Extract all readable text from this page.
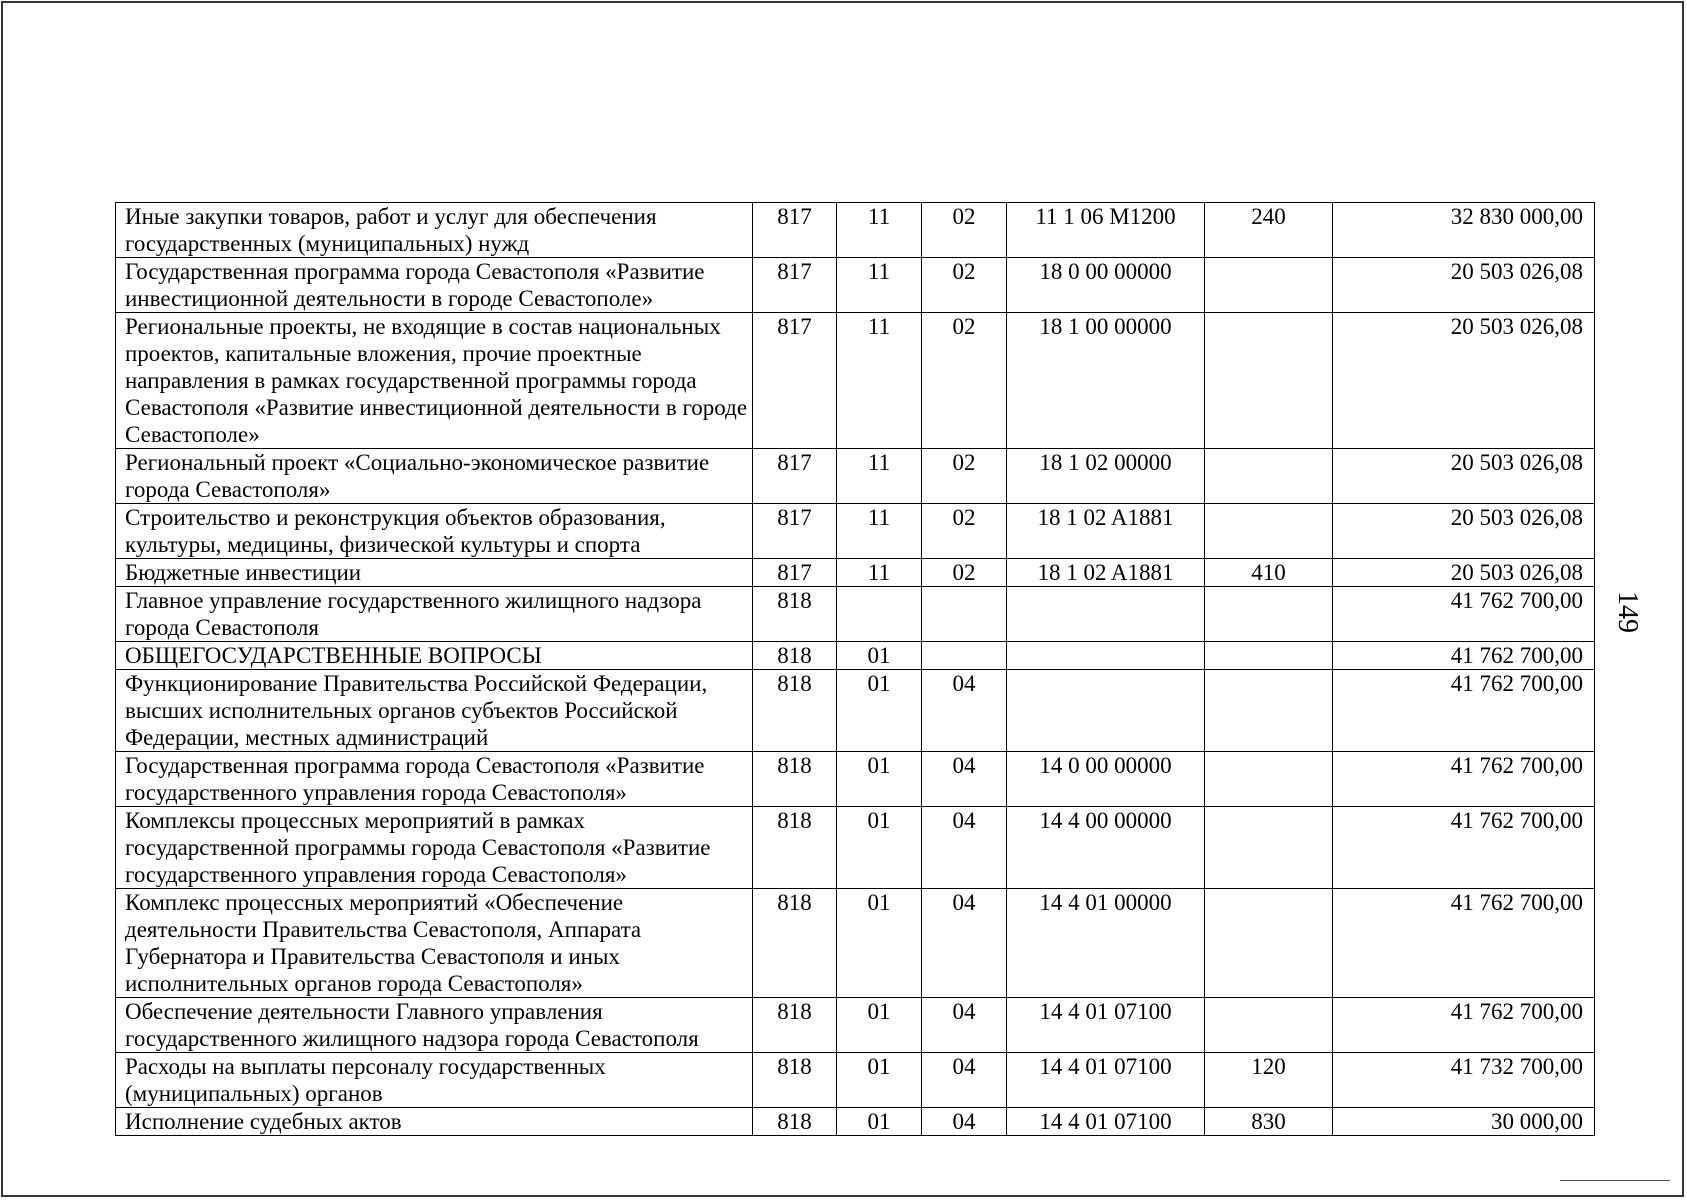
Иные закупки товаров, работ и услуг для обеспечения государственных (муниципальных) нужд	817	11	02	11 1 06 M1200	240	32 830 000,00
Государственная программа города Севастополя «Развитие инвестиционной деятельности в городе Севастополе»	817	11	02	18 0 00 00000		20 503 026,08
Региональные проекты, не входящие в состав национальных проектов, капитальные вложения, прочие проектные направления в рамках государственной программы города Севастополя «Развитие инвестиционной деятельности в городе Севастополе»	817	11	02	18 1 00 00000		20 503 026,08
Региональный проект «Социально-экономическое развитие города Севастополя»	817	11	02	18 1 02 00000		20 503 026,08
Строительство и реконструкция объектов образования, культуры, медицины, физической культуры и спорта	817	11	02	18 1 02 A1881		20 503 026,08
Бюджетные инвестиции	817	11	02	18 1 02 A1881	410	20 503 026,08
Главное управление государственного жилищного надзора города Севастополя	818					41 762 700,00
ОБЩЕГОСУДАРСТВЕННЫЕ ВОПРОСЫ	818	01				41 762 700,00
Функционирование Правительства Российской Федерации, высших исполнительных органов субъектов Российской Федерации, местных администраций	818	01	04			41 762 700,00
Государственная программа города Севастополя «Развитие государственного управления города Севастополя»	818	01	04	14 0 00 00000		41 762 700,00
Комплексы процессных мероприятий в рамках государственной программы города Севастополя «Развитие государственного управления города Севастополя»	818	01	04	14 4 00 00000		41 762 700,00
Комплекс процессных мероприятий «Обеспечение деятельности Правительства Севастополя, Аппарата Губернатора и Правительства Севастополя и иных исполнительных органов города Севастополя»	818	01	04	14 4 01 00000		41 762 700,00
Обеспечение деятельности Главного управления государственного жилищного надзора города Севастополя	818	01	04	14 4 01 07100		41 762 700,00
Расходы на выплаты персоналу государственных (муниципальных) органов	818	01	04	14 4 01 07100	120	41 732 700,00
Исполнение судебных актов	818	01	04	14 4 01 07100	830	30 000,00
149
